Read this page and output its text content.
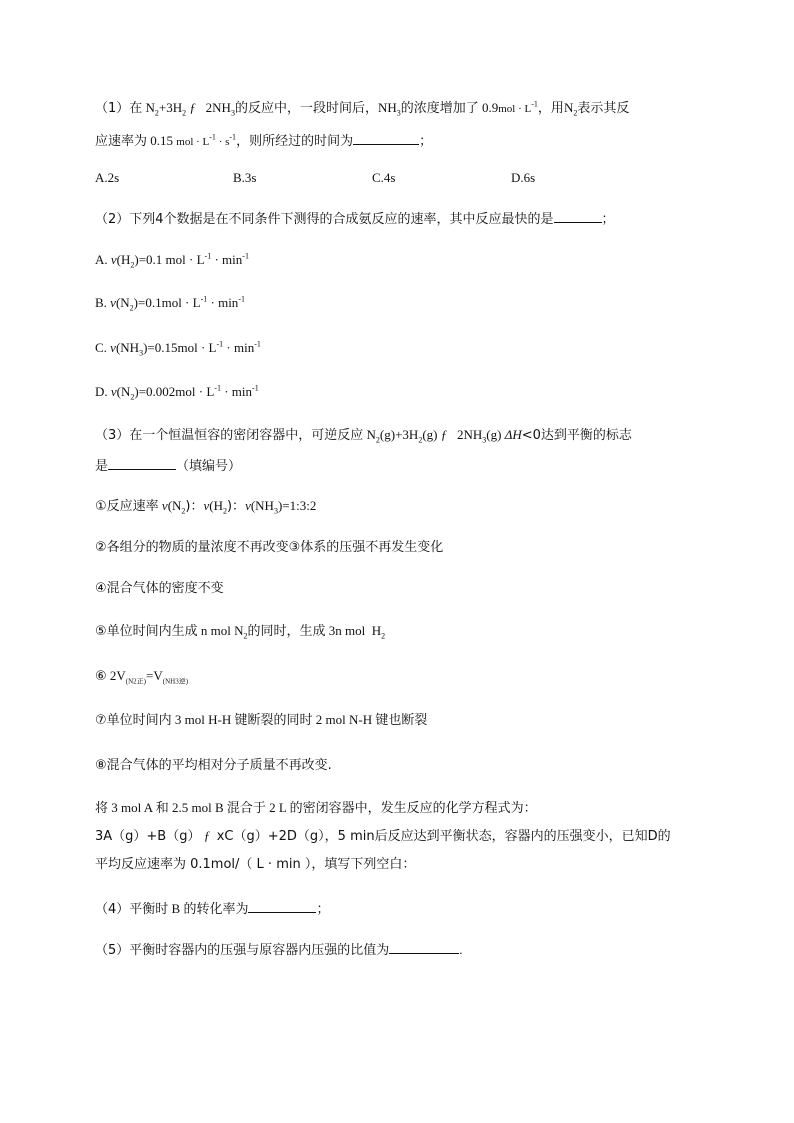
（1）在 $N_2+3H_2$ ƒ $2NH_3$的反应中，一段时间后，$NH_3$的浓度增加了 $0.9mol \cdot L^{-1}$，用$N_2$表示其反
应速率为 0.15 mol · $L^{-1} \cdot s^{-1}$，则所经过的时间为	；
A.2s	B.3s	C.4s	D.6s
（2）下列4个数据是在不同条件下测得的合成氨反应的速率，其中反应最快的是	；
A. $v(H_2)=0.1$ mol · $L^{-1} \cdot \min^{-1}$
B. $v(N_2)=0.1mol \cdot L^{-1} \cdot \min^{-1}$
C. $v(NH_3)=0.15mol \cdot L^{-1} \cdot \min^{-1}$
D. $v(N_2)=0.002mol \cdot L^{-1} \cdot \min^{-1}$
（3）在一个恒温恒容的密闭容器中，可逆反应 $N_2(g)+3H_2(g)$ ƒ $2NH_3(g)$ ΔH<0达到平衡的标志
是	（填编号）
①反应速率 $v(N_2)$：$v(H_2)$：$v(NH_3)=1:3:2$
②各组分的物质的量浓度不再改变③体系的压强不再发生变化
④混合气体的密度不变
⑤单位时间内生成 n mol $N_2$的同时，生成 3n mol $H_2$
⑥ $2V_{(N2正)}=V_{(NH3逆)}$
⑦单位时间内 3 mol H-H 键断裂的同时 2 mol N-H 键也断裂
⑧混合气体的平均相对分子质量不再改变.
将 3 mol A 和 2.5 mol B 混合于 2 L 的密闭容器中，发生反应的化学方程式为：
3A（g）+B（g） ƒ xC（g）+2D（g），5 min后反应达到平衡状态，容器内的压强变小，已知D的
平均反应速率为 0.1mol/（ L · min ），填写下列空白：
（4）平衡时 B 的转化率为	；
（5）平衡时容器内的压强与原容器内压强的比值为	.
